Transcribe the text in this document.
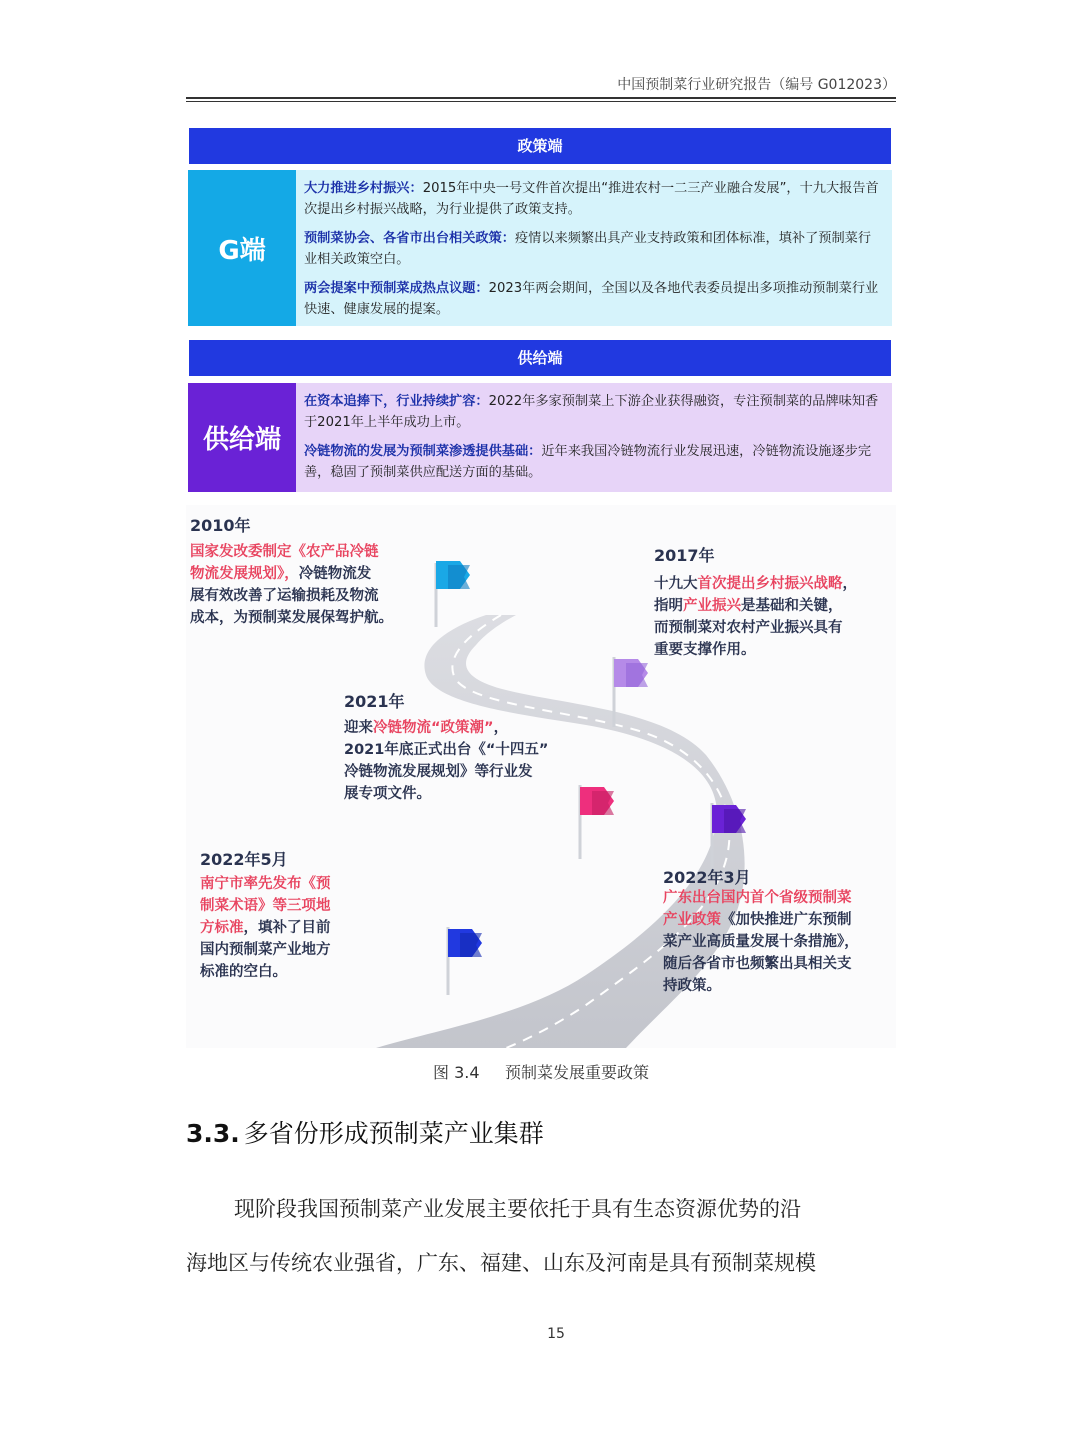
中国预制菜行业研究报告（编号 G012023）
政策端
G端
大力推进乡村振兴：2015年中央一号文件首次提出“推进农村一二三产业融合发展”，十九大报告首次提出乡村振兴战略，为行业提供了政策支持。
预制菜协会、各省市出台相关政策：疫情以来频繁出具产业支持政策和团体标准，填补了预制菜行业相关政策空白。
两会提案中预制菜成热点议题：2023年两会期间，全国以及各地代表委员提出多项推动预制菜行业快速、健康发展的提案。
供给端
供给端
在资本追捧下，行业持续扩容：2022年多家预制菜上下游企业获得融资，专注预制菜的品牌味知香于2021年上半年成功上市。
冷链物流的发展为预制菜渗透提供基础：近年来我国冷链物流行业发展迅速，冷链物流设施逐步完善，稳固了预制菜供应配送方面的基础。
2010年
国家发改委制定《农产品冷链
物流发展规划》，冷链物流发
展有效改善了运输损耗及物流
成本，为预制菜发展保驾护航。
2017年
十九大首次提出乡村振兴战略，
指明产业振兴是基础和关键，
而预制菜对农村产业振兴具有
重要支撑作用。
2021年
迎来冷链物流“政策潮”，
2021年底正式出台《“十四五”
冷链物流发展规划》等行业发
展专项文件。
2022年5月
南宁市率先发布《预
制菜术语》等三项地
方标准，填补了目前
国内预制菜产业地方
标准的空白。
2022年3月
广东出台国内首个省级预制菜
产业政策《加快推进广东预制
菜产业高质量发展十条措施》，
随后各省市也频繁出具相关支
持政策。
图 3.4 预制菜发展重要政策
3.3. 多省份形成预制菜产业集群
现阶段我国预制菜产业发展主要依托于具有生态资源优势的沿
海地区与传统农业强省，广东、福建、山东及河南是具有预制菜规模
15
